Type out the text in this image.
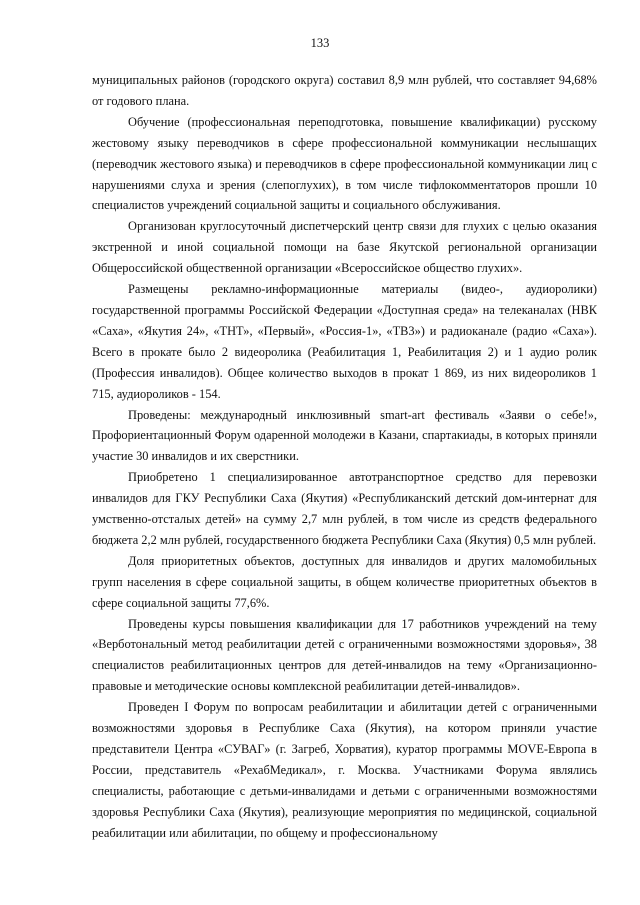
133

муниципальных районов (городского округа) составил 8,9 млн рублей, что составляет 94,68% от годового плана.

Обучение (профессиональная переподготовка, повышение квалификации) русскому жестовому языку переводчиков в сфере профессиональной коммуникации неслышащих (переводчик жестового языка) и переводчиков в сфере профессиональной коммуникации лиц с нарушениями слуха и зрения (слепоглухих), в том числе тифлокомментаторов прошли 10 специалистов учреждений социальной защиты и социального обслуживания.

Организован круглосуточный диспетчерский центр связи для глухих с целью оказания экстренной и иной социальной помощи на базе Якутской региональной организации Общероссийской общественной организации «Всероссийское общество глухих».

Размещены рекламно-информационные материалы (видео-, аудиоролики) государственной программы Российской Федерации «Доступная среда» на телеканалах (НВК «Саха», «Якутия 24», «ТНТ», «Первый», «Россия-1», «ТВ3») и радиоканале (радио «Саха»). Всего в прокате было 2 видеоролика (Реабилитация 1, Реабилитация 2) и 1 аудио ролик (Профессия инвалидов). Общее количество выходов в прокат 1 869, из них видеороликов 1 715, аудиороликов - 154.

Проведены: международный инклюзивный smart-art фестиваль «Заяви о себе!», Профориентационный Форум одаренной молодежи в Казани, спартакиады, в которых приняли участие 30 инвалидов и их сверстники.

Приобретено 1 специализированное автотранспортное средство для перевозки инвалидов для ГКУ Республики Саха (Якутия) «Республиканский детский дом-интернат для умственно-отсталых детей» на сумму 2,7 млн рублей, в том числе из средств федерального бюджета 2,2 млн рублей, государственного бюджета Республики Саха (Якутия) 0,5 млн рублей.

Доля приоритетных объектов, доступных для инвалидов и других маломобильных групп населения в сфере социальной защиты, в общем количестве приоритетных объектов в сфере социальной защиты 77,6%.

Проведены курсы повышения квалификации для 17 работников учреждений на тему «Верботональный метод реабилитации детей с ограниченными возможностями здоровья», 38 специалистов реабилитационных центров для детей-инвалидов на тему «Организационно-правовые и методические основы комплексной реабилитации детей-инвалидов».

Проведен I Форум по вопросам реабилитации и абилитации детей с ограниченными возможностями здоровья в Республике Саха (Якутия), на котором приняли участие представители Центра «СУВАГ» (г. Загреб, Хорватия), куратор программы MOVE-Европа в России, представитель «РехабМедикал», г. Москва. Участниками Форума являлись специалисты, работающие с детьми-инвалидами и детьми с ограниченными возможностями здоровья Республики Саха (Якутия), реализующие мероприятия по медицинской, социальной реабилитации или абилитации, по общему и профессиональному
